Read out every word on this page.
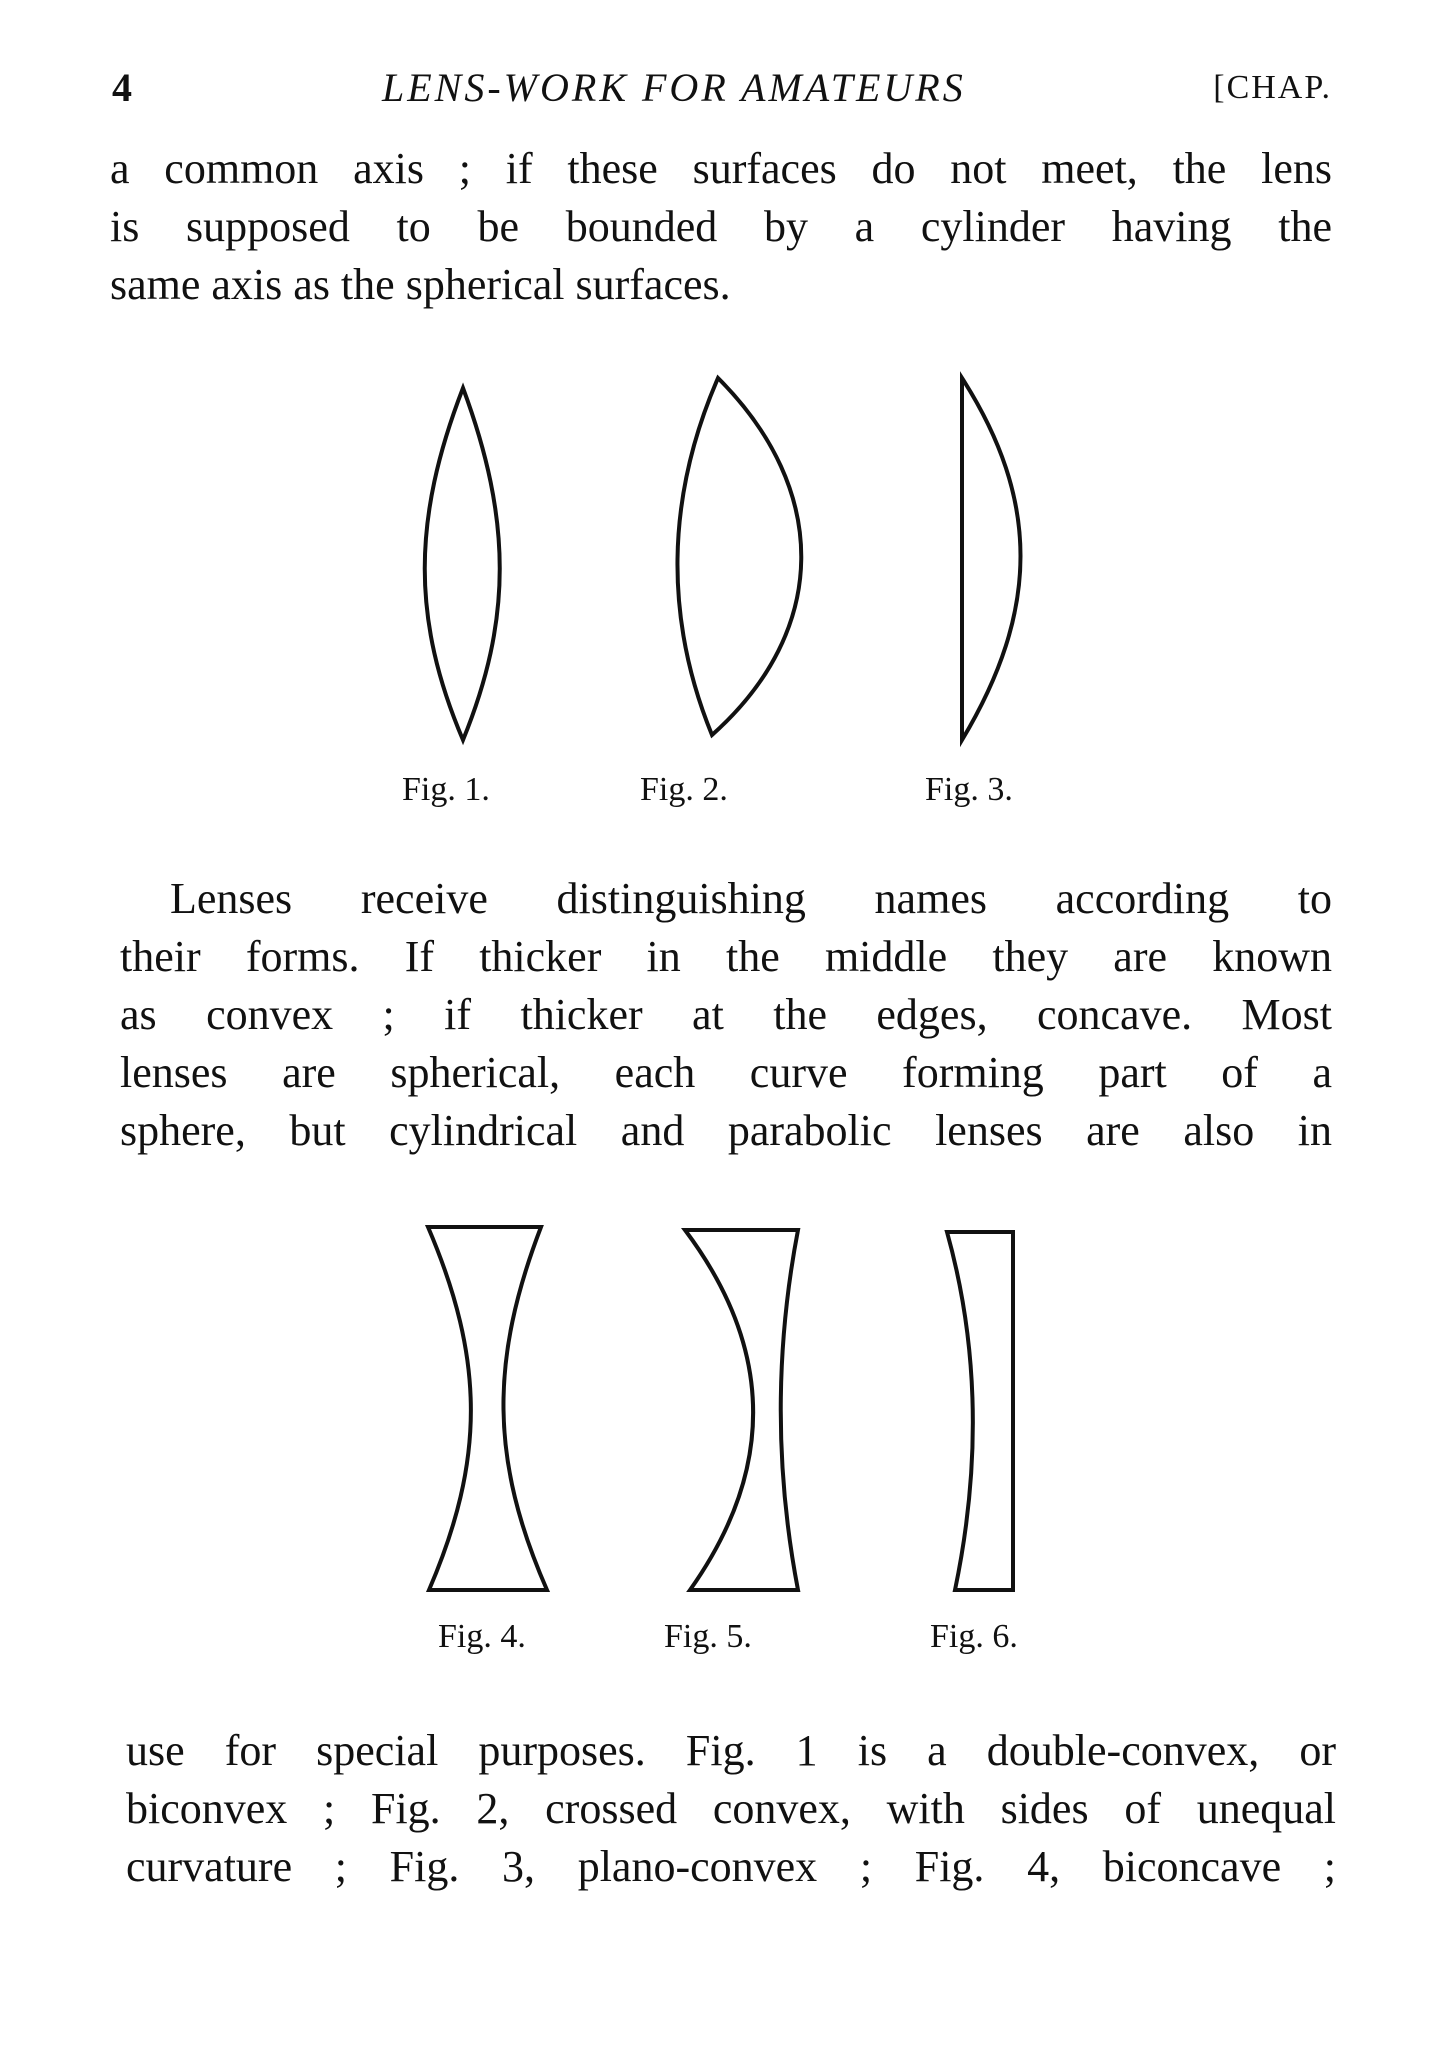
4	LENS-WORK FOR AMATEURS	[CHAP.

a common axis ; if these surfaces do not meet, the lens
is supposed to be bounded by a cylinder having the
same axis as the spherical surfaces.

Fig. 1.	Fig. 2.	Fig. 3.

Lenses receive distinguishing names according to
their forms. If thicker in the middle they are known
as convex ; if thicker at the edges, concave. Most
lenses are spherical, each curve forming part of a
sphere, but cylindrical and parabolic lenses are also in

Fig. 4.	Fig. 5.	Fig. 6.

use for special purposes. Fig. 1 is a double-convex, or
biconvex ; Fig. 2, crossed convex, with sides of unequal
curvature ; Fig. 3, plano-convex ; Fig. 4, biconcave ;
